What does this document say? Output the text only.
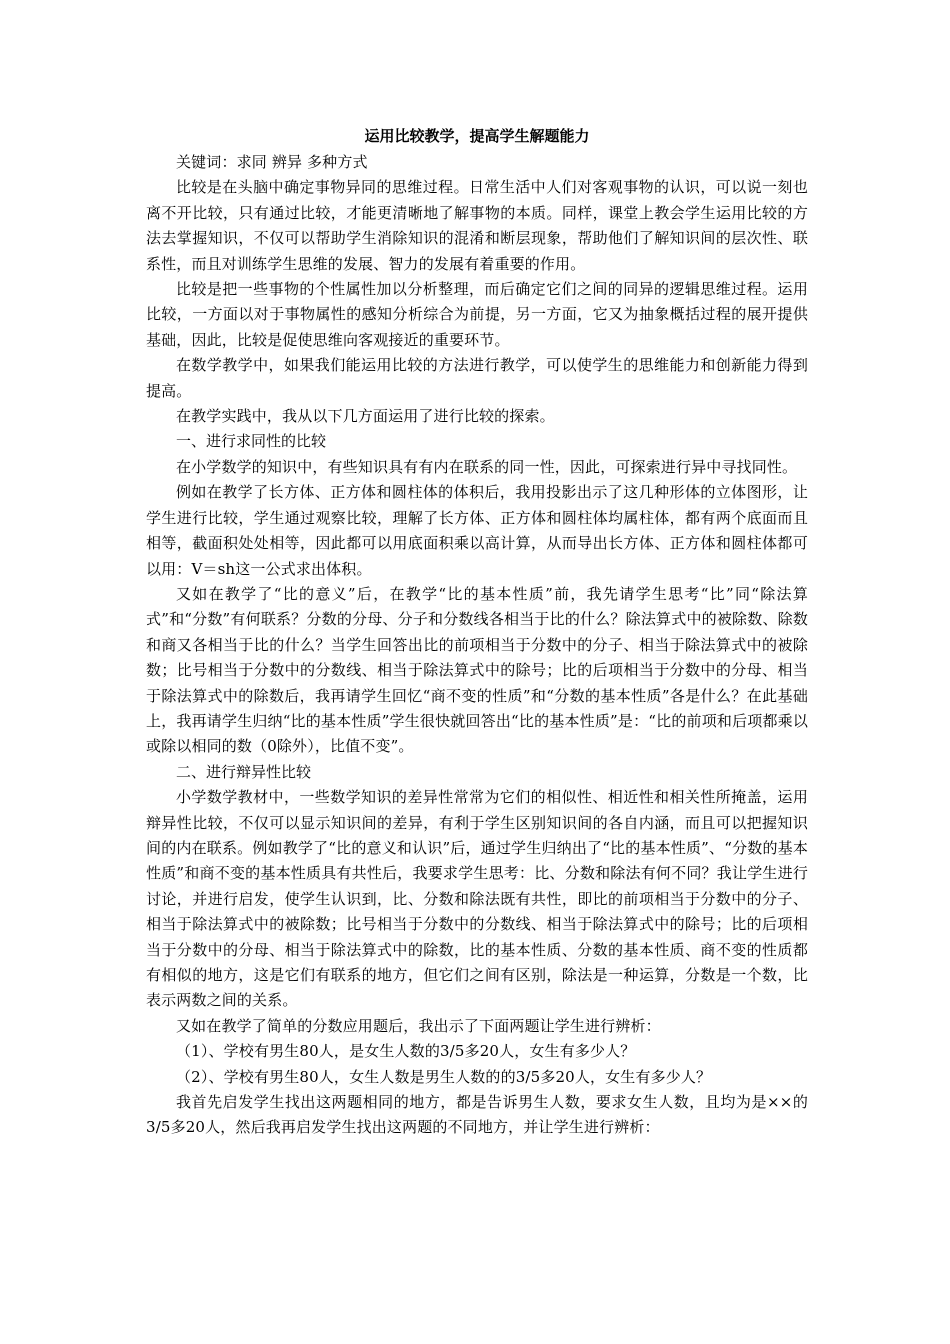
运用比较教学，提高学生解题能力

关键词：求同 辨异 多种方式

比较是在头脑中确定事物异同的思维过程。日常生活中人们对客观事物的认识，可以说一刻也离不开比较，只有通过比较，才能更清晰地了解事物的本质。同样，课堂上教会学生运用比较的方法去掌握知识，不仅可以帮助学生消除知识的混淆和断层现象，帮助他们了解知识间的层次性、联系性，而且对训练学生思维的发展、智力的发展有着重要的作用。

比较是把一些事物的个性属性加以分析整理，而后确定它们之间的同异的逻辑思维过程。运用比较，一方面以对于事物属性的感知分析综合为前提，另一方面，它又为抽象概括过程的展开提供基础，因此，比较是促使思维向客观接近的重要环节。

在数学教学中，如果我们能运用比较的方法进行教学，可以使学生的思维能力和创新能力得到提高。

在教学实践中，我从以下几方面运用了进行比较的探索。

一、进行求同性的比较

在小学数学的知识中，有些知识具有有内在联系的同一性，因此，可探索进行异中寻找同性。

例如在教学了长方体、正方体和圆柱体的体积后，我用投影出示了这几种形体的立体图形，让学生进行比较，学生通过观察比较，理解了长方体、正方体和圆柱体均属柱体，都有两个底面而且相等，截面积处处相等，因此都可以用底面积乘以高计算，从而导出长方体、正方体和圆柱体都可以用：V＝sh这一公式求出体积。

又如在教学了“比的意义”后，在教学“比的基本性质”前，我先请学生思考“比”同“除法算式”和“分数”有何联系？分数的分母、分子和分数线各相当于比的什么？除法算式中的被除数、除数和商又各相当于比的什么？当学生回答出比的前项相当于分数中的分子、相当于除法算式中的被除数；比号相当于分数中的分数线、相当于除法算式中的除号；比的后项相当于分数中的分母、相当于除法算式中的除数后，我再请学生回忆“商不变的性质”和“分数的基本性质”各是什么？在此基础上，我再请学生归纳“比的基本性质”学生很快就回答出“比的基本性质”是：“比的前项和后项都乘以或除以相同的数（0除外），比值不变”。

二、进行辩异性比较

小学数学教材中，一些数学知识的差异性常常为它们的相似性、相近性和相关性所掩盖，运用辩异性比较，不仅可以显示知识间的差异，有利于学生区别知识间的各自内涵，而且可以把握知识间的内在联系。例如教学了“比的意义和认识”后，通过学生归纳出了“比的基本性质”、“分数的基本性质”和商不变的基本性质具有共性后，我要求学生思考：比、分数和除法有何不同？我让学生进行讨论，并进行启发，使学生认识到，比、分数和除法既有共性，即比的前项相当于分数中的分子、相当于除法算式中的被除数；比号相当于分数中的分数线、相当于除法算式中的除号；比的后项相当于分数中的分母、相当于除法算式中的除数，比的基本性质、分数的基本性质、商不变的性质都有相似的地方，这是它们有联系的地方，但它们之间有区别，除法是一种运算，分数是一个数，比表示两数之间的关系。

又如在教学了简单的分数应用题后，我出示了下面两题让学生进行辨析：

（1）、学校有男生80人，是女生人数的3/5多20人，女生有多少人？

（2）、学校有男生80人，女生人数是男生人数的的3/5多20人，女生有多少人？

我首先启发学生找出这两题相同的地方，都是告诉男生人数，要求女生人数，且均为是××的3/5多20人，然后我再启发学生找出这两题的不同地方，并让学生进行辨析：
